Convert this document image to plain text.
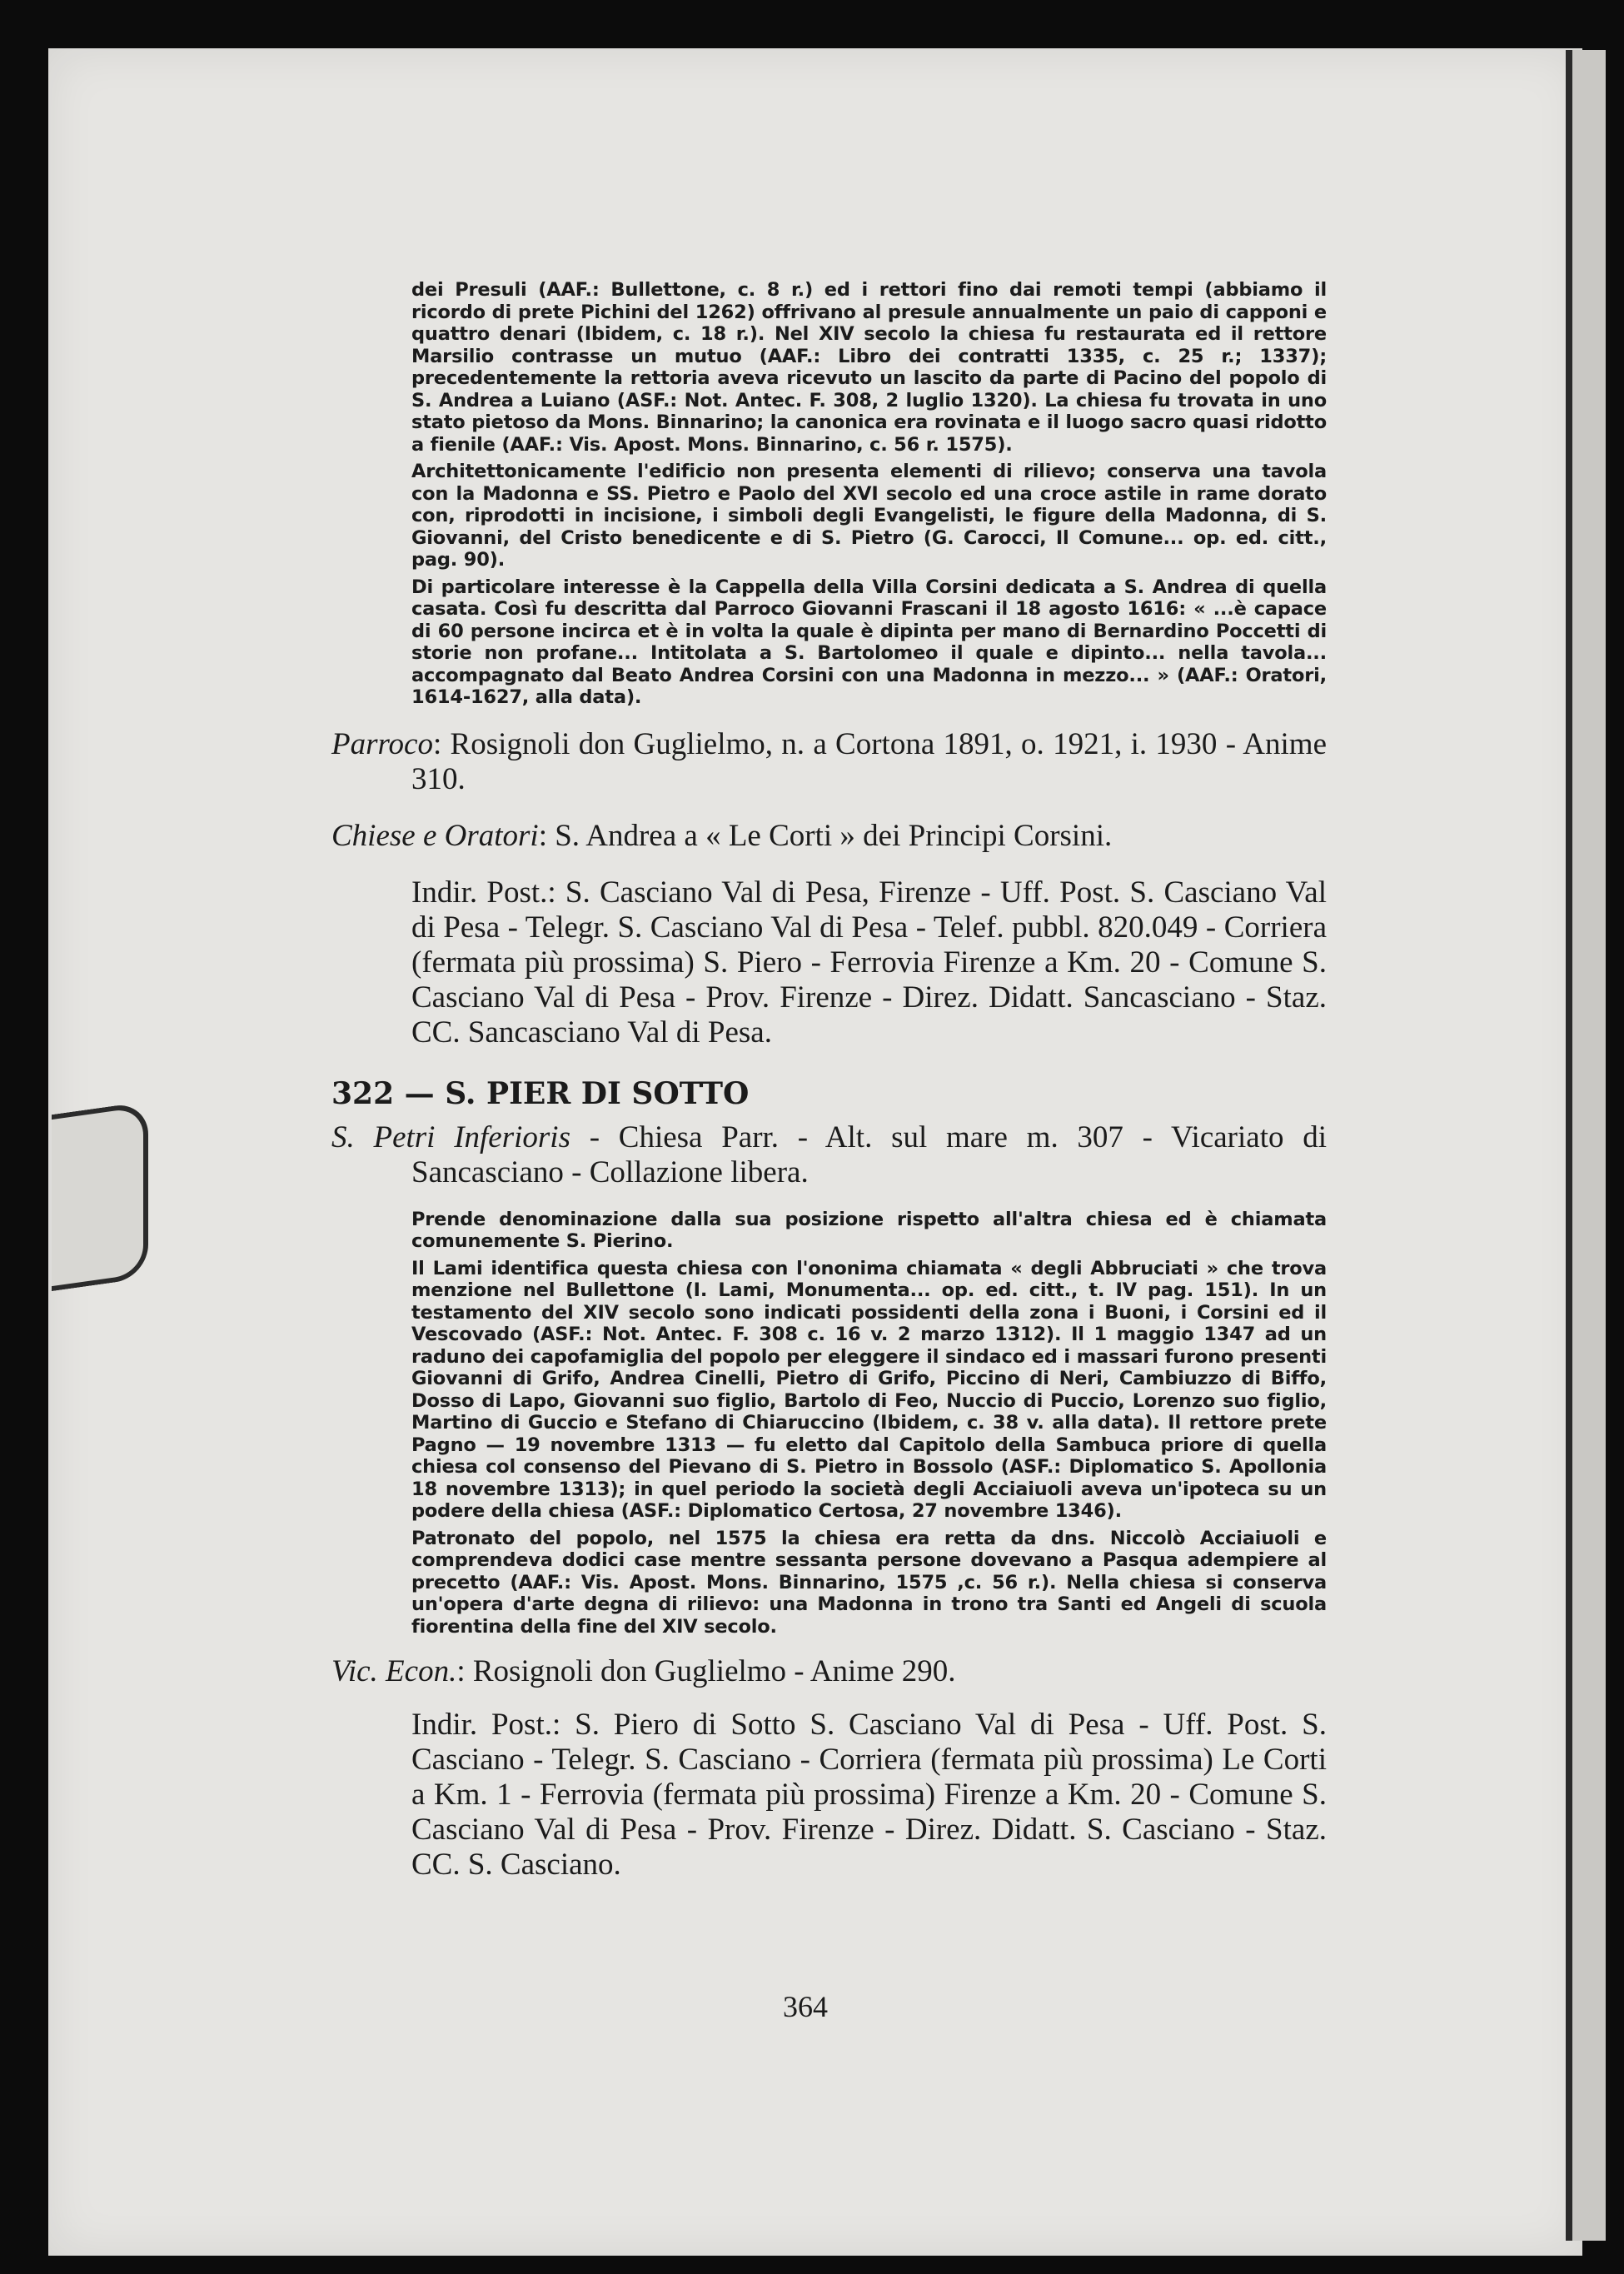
dei Presuli (AAF.: Bullettone, c. 8 r.) ed i rettori fino dai remoti tempi (abbiamo il ricordo di prete Pichini del 1262) offrivano al presule annualmente un paio di capponi e quattro denari (Ibidem, c. 18 r.). Nel XIV secolo la chiesa fu restaurata ed il rettore Marsilio contrasse un mutuo (AAF.: Libro dei contratti 1335, c. 25 r.; 1337); precedentemente la rettoria aveva ricevuto un lascito da parte di Pacino del popolo di S. Andrea a Luiano (ASF.: Not. Antec. F. 308, 2 luglio 1320). La chiesa fu trovata in uno stato pietoso da Mons. Binnarino; la canonica era rovinata e il luogo sacro quasi ridotto a fienile (AAF.: Vis. Apost. Mons. Binnarino, c. 56 r. 1575).

Architettonicamente l'edificio non presenta elementi di rilievo; conserva una tavola con la Madonna e SS. Pietro e Paolo del XVI secolo ed una croce astile in rame dorato con, riprodotti in incisione, i simboli degli Evangelisti, le figure della Madonna, di S. Giovanni, del Cristo benedicente e di S. Pietro (G. Carocci, Il Comune... op. ed. citt., pag. 90).

Di particolare interesse è la Cappella della Villa Corsini dedicata a S. Andrea di quella casata. Così fu descritta dal Parroco Giovanni Frascani il 18 agosto 1616: « ...è capace di 60 persone incirca et è in volta la quale è dipinta per mano di Bernardino Poccetti di storie non profane... Intitolata a S. Bartolomeo il quale e dipinto... nella tavola... accompagnato dal Beato Andrea Corsini con una Madonna in mezzo... » (AAF.: Oratori, 1614-1627, alla data).

Parroco: Rosignoli don Guglielmo, n. a Cortona 1891, o. 1921, i. 1930 - Anime 310.

Chiese e Oratori: S. Andrea a « Le Corti » dei Principi Corsini.

Indir. Post.: S. Casciano Val di Pesa, Firenze - Uff. Post. S. Casciano Val di Pesa - Telegr. S. Casciano Val di Pesa - Telef. pubbl. 820.049 - Corriera (fermata più prossima) S. Piero - Ferrovia Firenze a Km. 20 - Comune S. Casciano Val di Pesa - Prov. Firenze - Direz. Didatt. Sancasciano - Staz. CC. Sancasciano Val di Pesa.

322 — S. PIER DI SOTTO

S. Petri Inferioris - Chiesa Parr. - Alt. sul mare m. 307 - Vicariato di Sancasciano - Collazione libera.

Prende denominazione dalla sua posizione rispetto all'altra chiesa ed è chiamata comunemente S. Pierino.

Il Lami identifica questa chiesa con l'ononima chiamata « degli Abbruciati » che trova menzione nel Bullettone (I. Lami, Monumenta... op. ed. citt., t. IV pag. 151). In un testamento del XIV secolo sono indicati possidenti della zona i Buoni, i Corsini ed il Vescovado (ASF.: Not. Antec. F. 308 c. 16 v. 2 marzo 1312). Il 1 maggio 1347 ad un raduno dei capofamiglia del popolo per eleggere il sindaco ed i massari furono presenti Giovanni di Grifo, Andrea Cinelli, Pietro di Grifo, Piccino di Neri, Cambiuzzo di Biffo, Dosso di Lapo, Giovanni suo figlio, Bartolo di Feo, Nuccio di Puccio, Lorenzo suo figlio, Martino di Guccio e Stefano di Chiaruccino (Ibidem, c. 38 v. alla data). Il rettore prete Pagno — 19 novembre 1313 — fu eletto dal Capitolo della Sambuca priore di quella chiesa col consenso del Pievano di S. Pietro in Bossolo (ASF.: Diplomatico S. Apollonia 18 novembre 1313); in quel periodo la società degli Acciaiuoli aveva un'ipoteca su un podere della chiesa (ASF.: Diplomatico Certosa, 27 novembre 1346).

Patronato del popolo, nel 1575 la chiesa era retta da dns. Niccolò Acciaiuoli e comprendeva dodici case mentre sessanta persone dovevano a Pasqua adempiere al precetto (AAF.: Vis. Apost. Mons. Binnarino, 1575 ,c. 56 r.). Nella chiesa si conserva un'opera d'arte degna di rilievo: una Madonna in trono tra Santi ed Angeli di scuola fiorentina della fine del XIV secolo.

Vic. Econ.: Rosignoli don Guglielmo - Anime 290.

Indir. Post.: S. Piero di Sotto S. Casciano Val di Pesa - Uff. Post. S. Casciano - Telegr. S. Casciano - Corriera (fermata più prossima) Le Corti a Km. 1 - Ferrovia (fermata più prossima) Firenze a Km. 20 - Comune S. Casciano Val di Pesa - Prov. Firenze - Direz. Didatt. S. Casciano - Staz. CC. S. Casciano.

364
